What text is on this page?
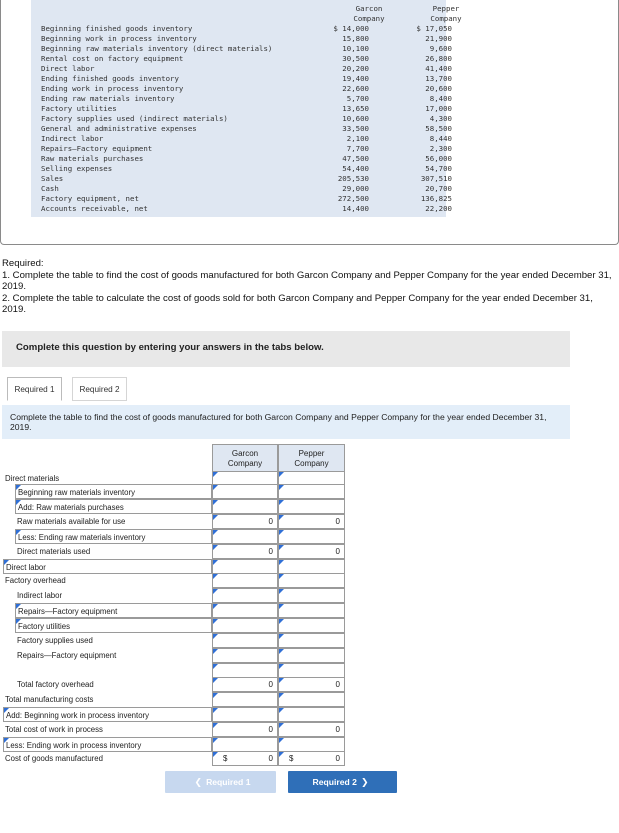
Garcon
Company
Pepper
Company
Beginning finished goods inventory	$ 14,000	$ 17,050
Beginning work in process inventory	15,800	21,900
Beginning raw materials inventory (direct materials)	10,100	9,600
Rental cost on factory equipment	30,500	26,800
Direct labor	20,200	41,400
Ending finished goods inventory	19,400	13,700
Ending work in process inventory	22,600	20,600
Ending raw materials inventory	5,700	8,400
Factory utilities	13,650	17,000
Factory supplies used (indirect materials)	10,600	4,300
General and administrative expenses	33,500	58,500
Indirect labor	2,100	8,440
Repairs—Factory equipment	7,700	2,300
Raw materials purchases	47,500	56,000
Selling expenses	54,400	54,700
Sales	205,530	307,510
Cash	29,000	20,700
Factory equipment, net	272,500	136,825
Accounts receivable, net	14,400	22,200

Required:

1. Complete the table to find the cost of goods manufactured for both Garcon Company and Pepper Company for the year ended December 31, 2019.

2. Complete the table to calculate the cost of goods sold for both Garcon Company and Pepper Company for the year ended December 31, 2019.

Complete this question by entering your answers in the tabs below.
Required 1	Required 2
Complete the table to find the cost of goods manufactured for both Garcon Company and Pepper Company for the year ended December 31, 2019.
Garcon
Company
Pepper
Company
Direct materials
Beginning raw materials inventory
Add: Raw materials purchases
Raw materials available for use	0	0
Less: Ending raw materials inventory
Direct materials used	0	0
Direct labor
Factory overhead
Indirect labor
Repairs—Factory equipment
Factory utilities
Factory supplies used
Repairs—Factory equipment
Total factory overhead	0	0
Total manufacturing costs
Add: Beginning work in process inventory
Total cost of work in process	0	0
Less: Ending work in process inventory
Cost of goods manufactured	$	0	$	0
❮ Required 1	Required 2 ❯
